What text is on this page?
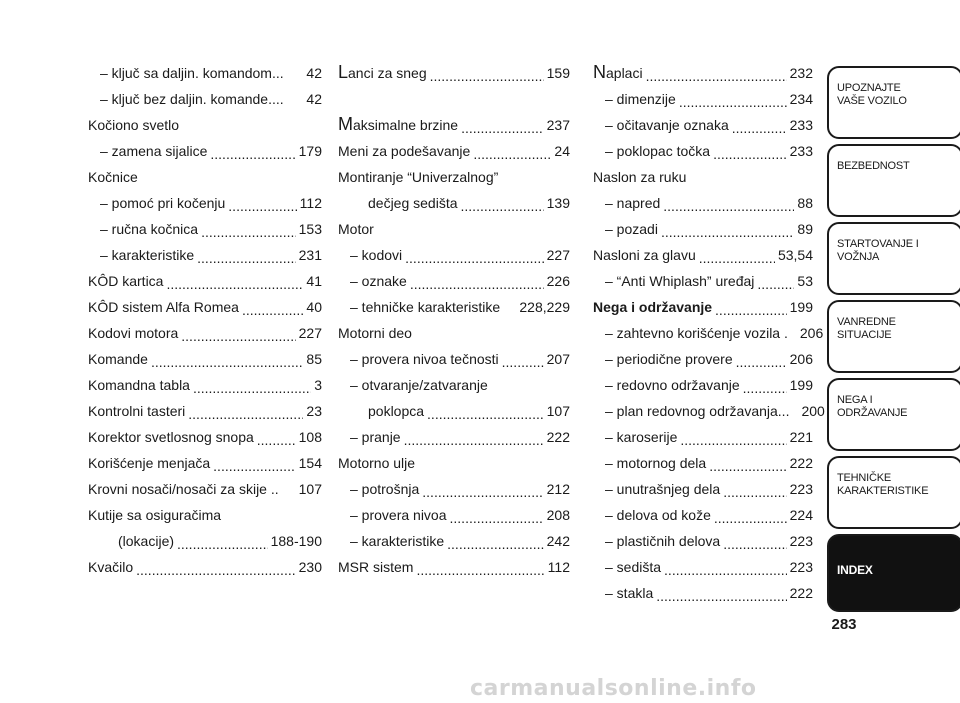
– ključ sa daljin. komandom... 42
– ključ bez daljin. komande.... 42
Kočiono svetlo
– zamena sijalice .....	179
Kočnice
– pomoć pri kočenju .....	112
– ručna kočnica .....	153
– karakteristike .....	231
KÔD kartica .....	41
KÔD sistem Alfa Romea .....	40
Kodovi motora .....	227
Komande .....	85
Komandna tabla .....	3
Kontrolni tasteri .....	23
Korektor svetlosnog snopa .....	108
Korišćenje menjača .....	154
Krovni nosači/nosači za skije .. 107
Kutije sa osiguračima
(lokacije) .....	188-190
Kvačilo .....	230
Lanci za sneg .....	159
Maksimalne brzine .....	237
Meni za podešavanje .....	24
Montiranje “Univerzalnog”
dečjeg sedišta .....	139
Motor
– kodovi .....	227
– oznake .....	226
– tehničke karakteristike 228,229
Motorni deo
– provera nivoa tečnosti .....	207
– otvaranje/zatvaranje
poklopca .....	107
– pranje .....	222
Motorno ulje
– potrošnja .....	212
– provera nivoa .....	208
– karakteristike .....	242
MSR sistem .....	112
Naplaci .....	232
– dimenzije .....	234
– očitavanje oznaka .....	233
– poklopac točka .....	233
Naslon za ruku
– napred .....	88
– pozadi .....	89
Nasloni za glavu .....	53,54
– “Anti Whiplash” uređaj .....	53
Nega i održavanje .....	199
– zahtevno korišćenje vozila . 206
– periodične provere .....	206
– redovno održavanje .....	199
– plan redovnog održavanja... 200
– karoserije .....	221
– motornog dela .....	222
– unutrašnjeg dela .....	223
– delova od kože .....	224
– plastičnih delova .....	223
– sedišta .....	223
– stakla .....	222
UPOZNAJTE VAŠE VOZILO
BEZBEDNOST
STARTOVANJE I VOŽNJA
VANREDNE SITUACIJE
NEGA I ODRŽAVANJE
TEHNIČKE KARAKTERISTIKE
INDEX
283
carmanualsonline.info
